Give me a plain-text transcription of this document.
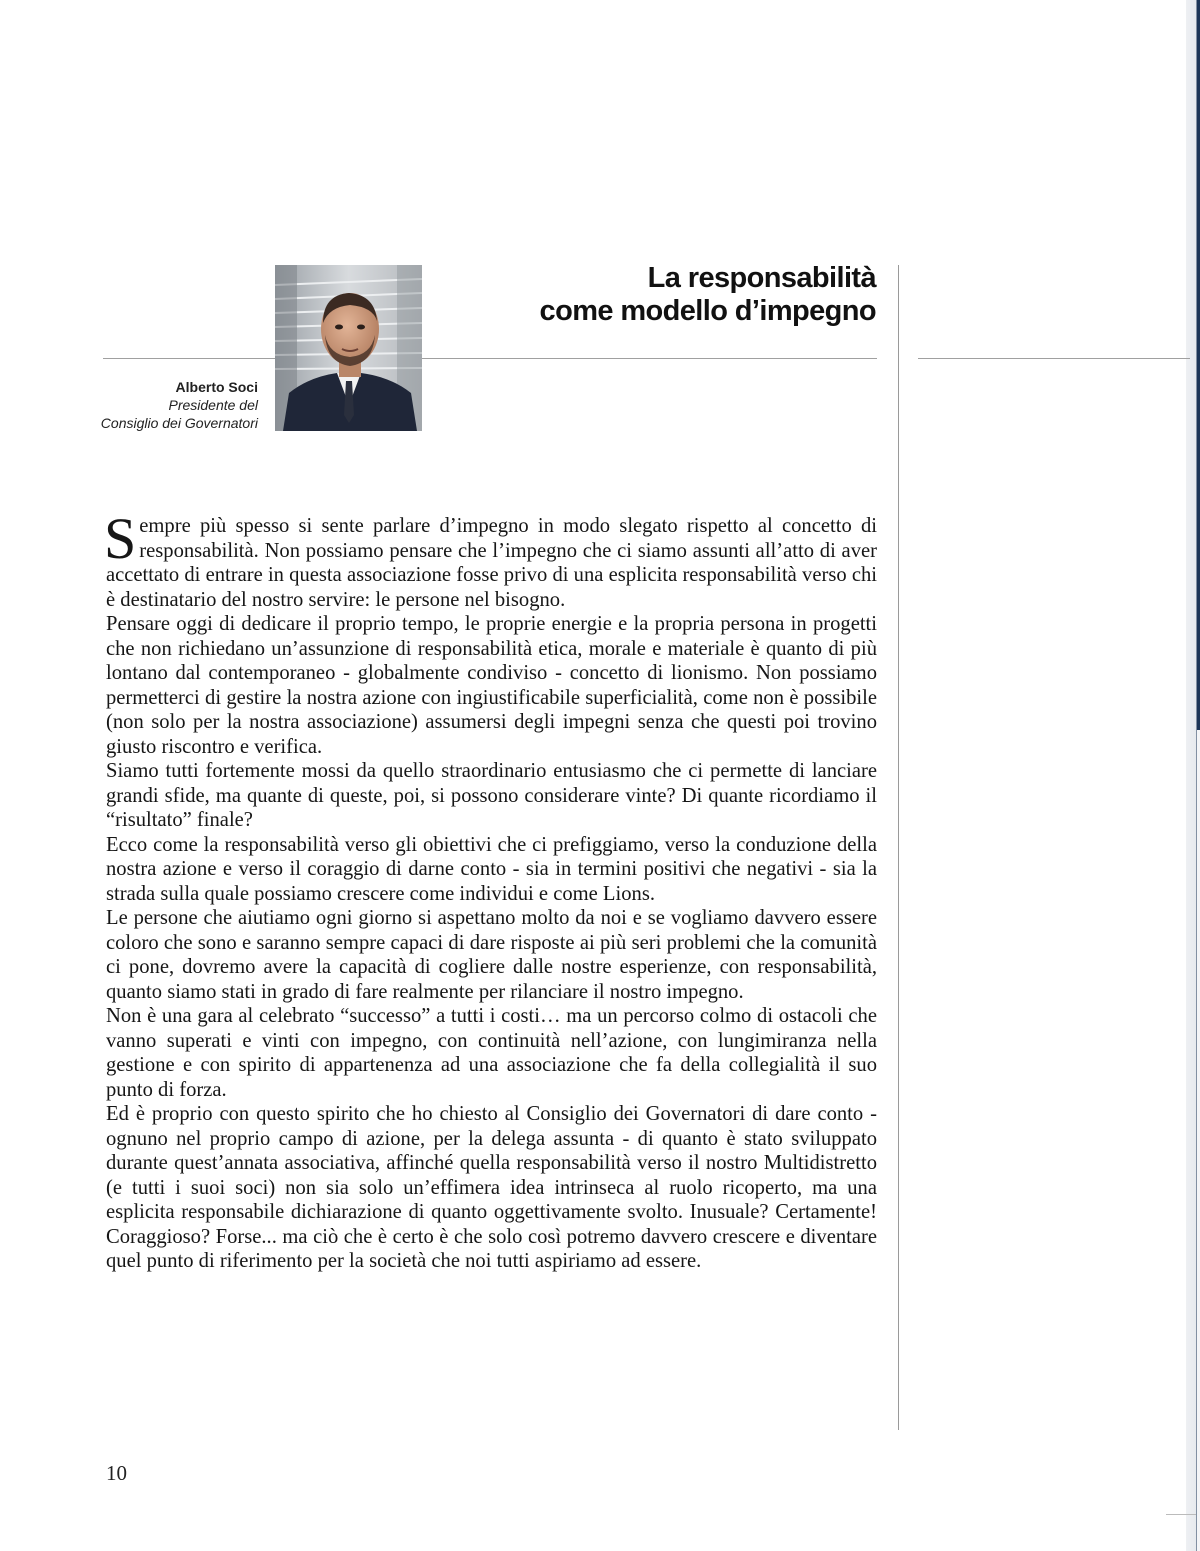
La responsabilità
come modello d’impegno
Alberto Soci
Presidente del
Consiglio dei Governatori

Sempre più spesso si sente parlare d’impegno in modo slegato rispetto al concetto di responsabilità. Non possiamo pensare che l’impegno che ci siamo assunti all’atto di aver accettato di entrare in questa associazione fosse privo di una esplicita responsabilità verso chi è destinatario del nostro servire: le persone nel bisogno.

Pensare oggi di dedicare il proprio tempo, le proprie energie e la propria persona in progetti che non richiedano un’assunzione di responsabilità etica, morale e materiale è quanto di più lontano dal contemporaneo - globalmente condiviso - concetto di lionismo. Non possiamo permetterci di gestire la nostra azione con ingiustificabile superficialità, come non è possibile (non solo per la nostra associazione) assumersi degli impegni senza che questi poi trovino giusto riscontro e verifica.

Siamo tutti fortemente mossi da quello straordinario entusiasmo che ci permette di lanciare grandi sfide, ma quante di queste, poi, si possono considerare vinte? Di quante ricordiamo il “risultato” finale?

Ecco come la responsabilità verso gli obiettivi che ci prefiggiamo, verso la conduzione della nostra azione e verso il coraggio di darne conto - sia in termini positivi che negativi - sia la strada sulla quale possiamo crescere come individui e come Lions.

Le persone che aiutiamo ogni giorno si aspettano molto da noi e se vogliamo davvero essere coloro che sono e saranno sempre capaci di dare risposte ai più seri problemi che la comunità ci pone, dovremo avere la capacità di cogliere dalle nostre esperienze, con responsabilità, quanto siamo stati in grado di fare realmente per rilanciare il nostro impegno.

Non è una gara al celebrato “successo” a tutti i costi… ma un percorso colmo di ostacoli che vanno superati e vinti con impegno, con continuità nell’azione, con lungimiranza nella gestione e con spirito di appartenenza ad una associazione che fa della collegialità il suo punto di forza.

Ed è proprio con questo spirito che ho chiesto al Consiglio dei Governatori di dare conto - ognuno nel proprio campo di azione, per la delega assunta - di quanto è stato sviluppato durante quest’annata associativa, affinché quella responsabilità verso il nostro Multidistretto (e tutti i suoi soci) non sia solo un’effimera idea intrinseca al ruolo ricoperto, ma una esplicita responsabile dichiarazione di quanto oggettivamente svolto. Inusuale? Certamente! Coraggioso? Forse... ma ciò che è certo è che solo così potremo davvero crescere e diventare quel punto di riferimento per la società che noi tutti aspiriamo ad essere.

10
